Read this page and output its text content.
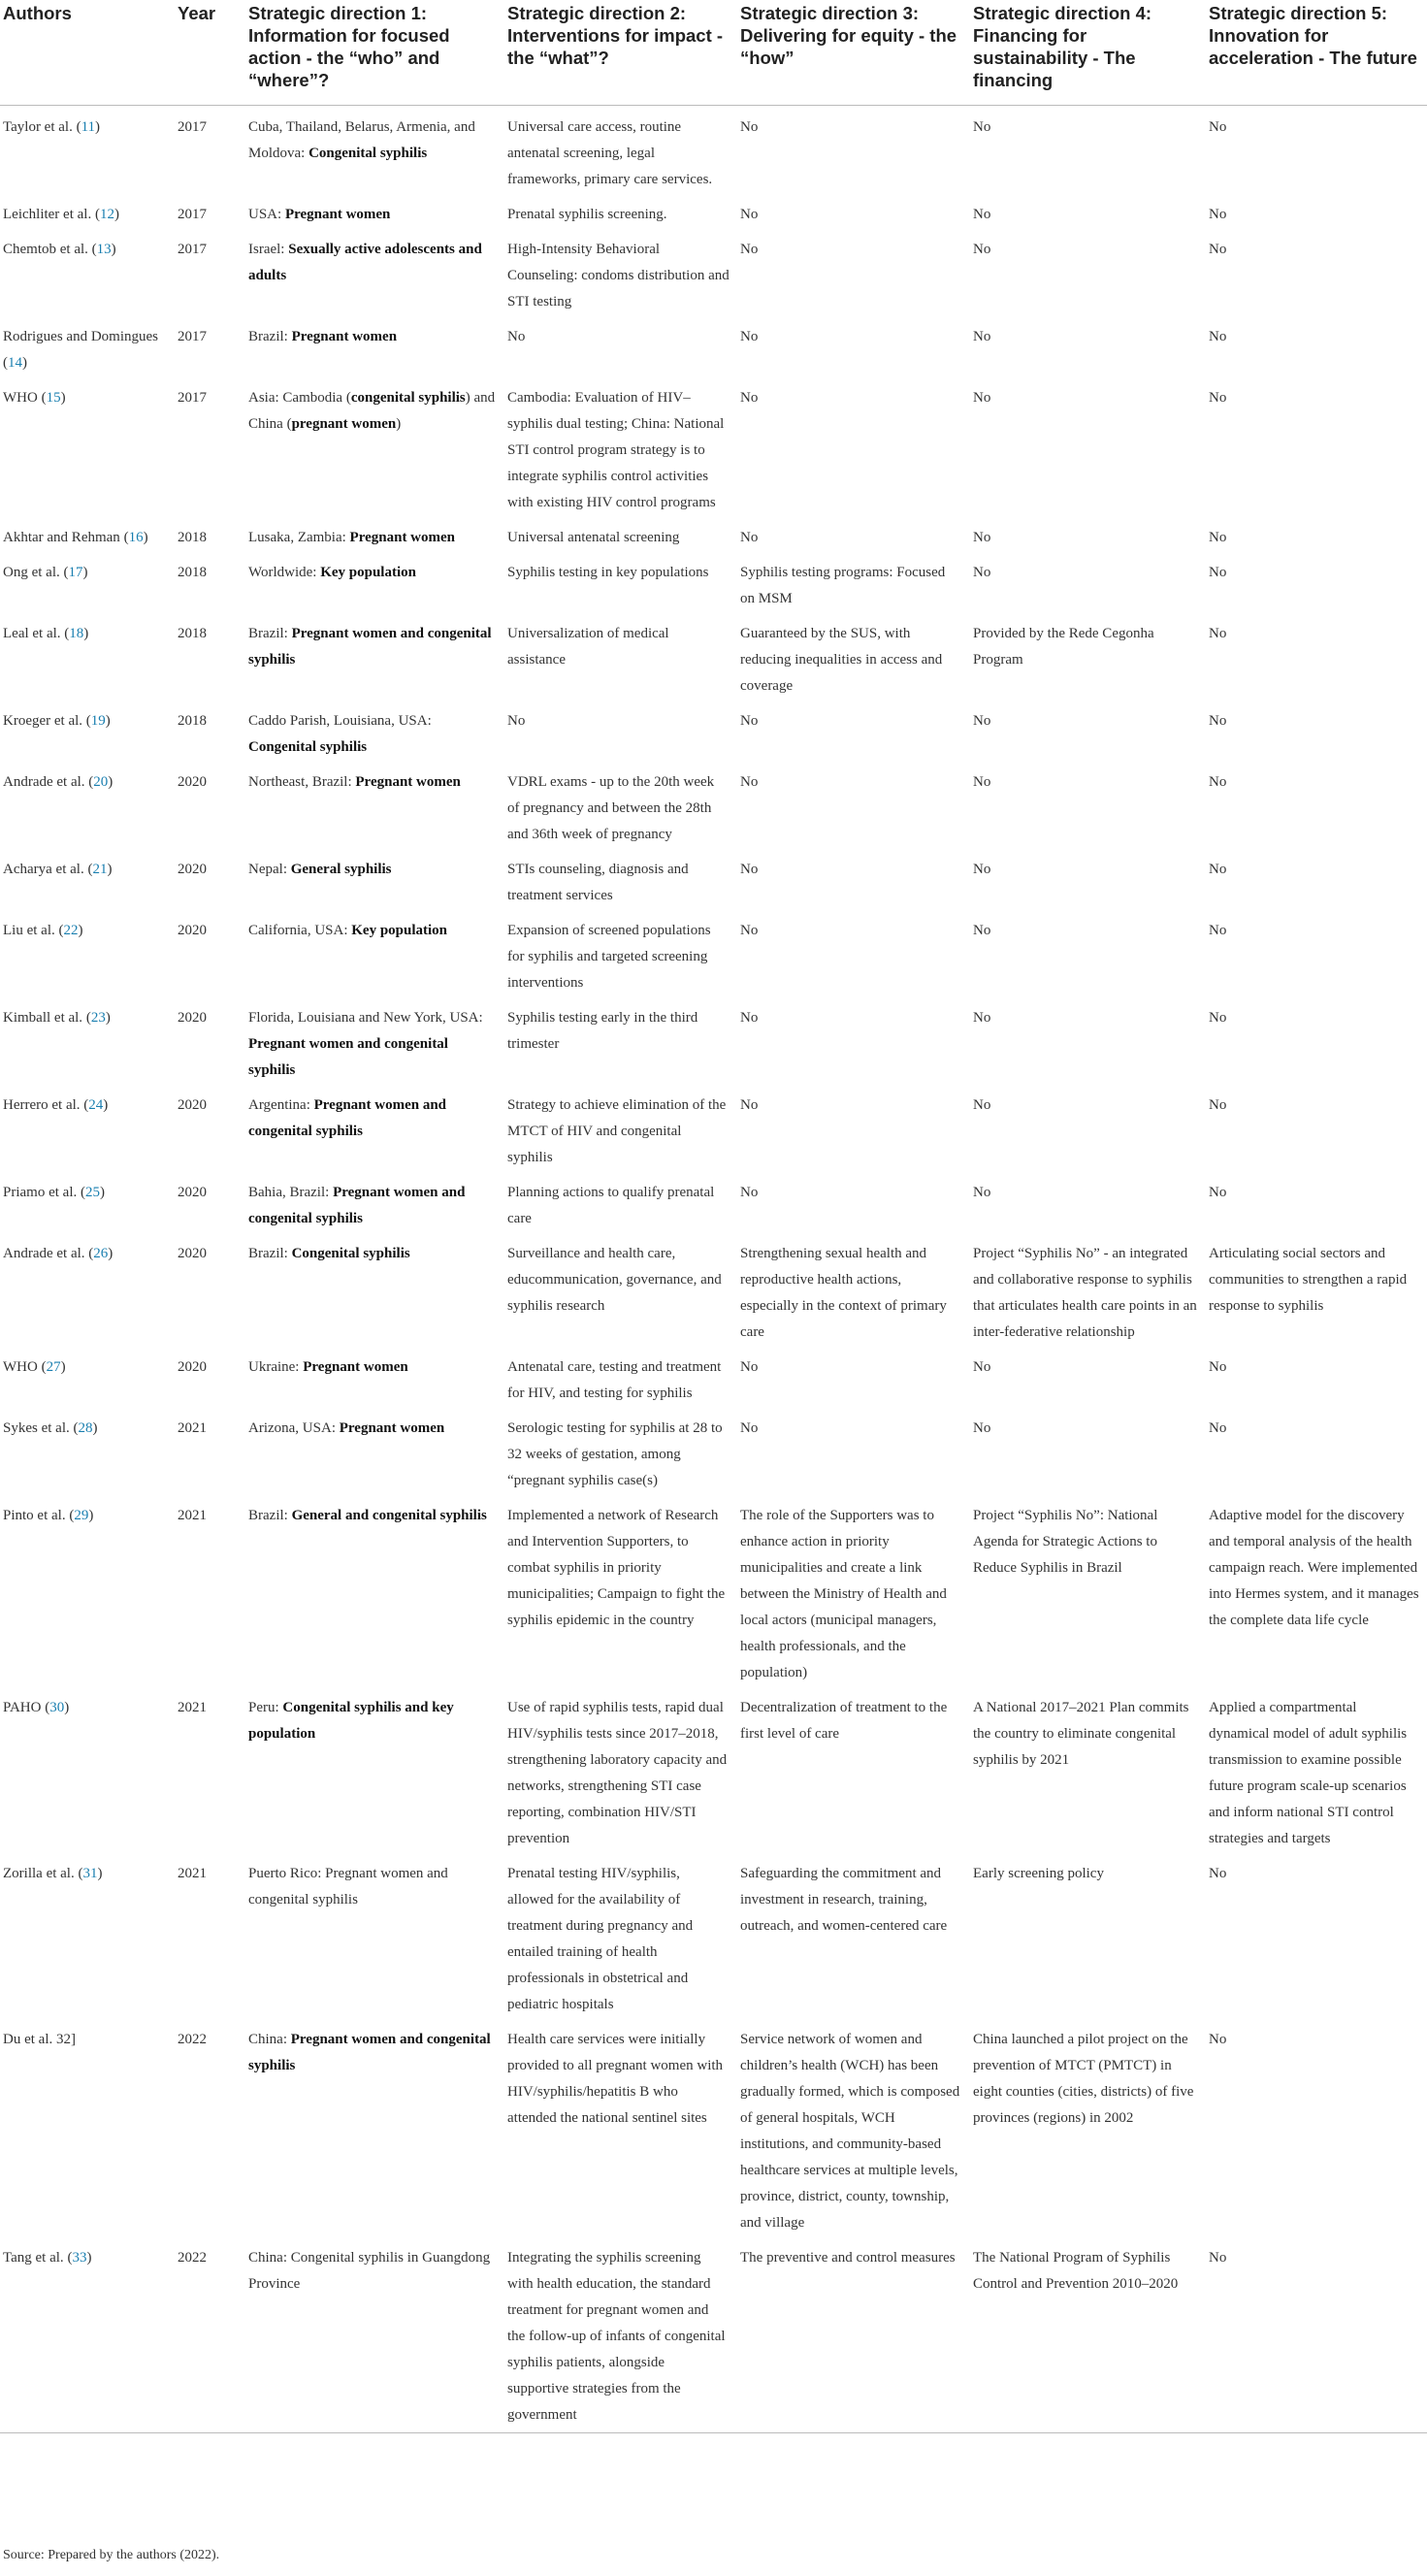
Authors	Year	Strategic direction 1: Information for focused action - the “who” and “where”?	Strategic direction 2: Interventions for impact - the “what”?	Strategic direction 3: Delivering for equity - the “how”	Strategic direction 4: Financing for sustainability - The financing	Strategic direction 5: Innovation for acceleration - The future
Taylor et al. (11)	2017	Cuba, Thailand, Belarus, Armenia, and Moldova: Congenital syphilis	Universal care access, routine antenatal screening, legal frameworks, primary care services.	No	No	No
Leichliter et al. (12)	2017	USA: Pregnant women	Prenatal syphilis screening.	No	No	No
Chemtob et al. (13)	2017	Israel: Sexually active adolescents and adults	High-Intensity Behavioral Counseling: condoms distribution and STI testing	No	No	No
Rodrigues and Domingues (14)	2017	Brazil: Pregnant women	No	No	No	No
WHO (15)	2017	Asia: Cambodia (congenital syphilis) and China (pregnant women)	Cambodia: Evaluation of HIV–syphilis dual testing; China: National STI control program strategy is to integrate syphilis control activities with existing HIV control programs	No	No	No
Akhtar and Rehman (16)	2018	Lusaka, Zambia: Pregnant women	Universal antenatal screening	No	No	No
Ong et al. (17)	2018	Worldwide: Key population	Syphilis testing in key populations	Syphilis testing programs: Focused on MSM	No	No
Leal et al. (18)	2018	Brazil: Pregnant women and congenital syphilis	Universalization of medical assistance	Guaranteed by the SUS, with reducing inequalities in access and coverage	Provided by the Rede Cegonha Program	No
Kroeger et al. (19)	2018	Caddo Parish, Louisiana, USA: Congenital syphilis	No	No	No	No
Andrade et al. (20)	2020	Northeast, Brazil: Pregnant women	VDRL exams - up to the 20th week of pregnancy and between the 28th and 36th week of pregnancy	No	No	No
Acharya et al. (21)	2020	Nepal: General syphilis	STIs counseling, diagnosis and treatment services	No	No	No
Liu et al. (22)	2020	California, USA: Key population	Expansion of screened populations for syphilis and targeted screening interventions	No	No	No
Kimball et al. (23)	2020	Florida, Louisiana and New York, USA: Pregnant women and congenital syphilis	Syphilis testing early in the third trimester	No	No	No
Herrero et al. (24)	2020	Argentina: Pregnant women and congenital syphilis	Strategy to achieve elimination of the MTCT of HIV and congenital syphilis	No	No	No
Priamo et al. (25)	2020	Bahia, Brazil: Pregnant women and congenital syphilis	Planning actions to qualify prenatal care	No	No	No
Andrade et al. (26)	2020	Brazil: Congenital syphilis	Surveillance and health care, educommunication, governance, and syphilis research	Strengthening sexual health and reproductive health actions, especially in the context of primary care	Project “Syphilis No” - an integrated and collaborative response to syphilis that articulates health care points in an inter-federative relationship	Articulating social sectors and communities to strengthen a rapid response to syphilis
WHO (27)	2020	Ukraine: Pregnant women	Antenatal care, testing and treatment for HIV, and testing for syphilis	No	No	No
Sykes et al. (28)	2021	Arizona, USA: Pregnant women	Serologic testing for syphilis at 28 to 32 weeks of gestation, among “pregnant syphilis case(s)	No	No	No
Pinto et al. (29)	2021	Brazil: General and congenital syphilis	Implemented a network of Research and Intervention Supporters, to combat syphilis in priority municipalities; Campaign to fight the syphilis epidemic in the country	The role of the Supporters was to enhance action in priority municipalities and create a link between the Ministry of Health and local actors (municipal managers, health professionals, and the population)	Project “Syphilis No”: National Agenda for Strategic Actions to Reduce Syphilis in Brazil	Adaptive model for the discovery and temporal analysis of the health campaign reach. Were implemented into Hermes system, and it manages the complete data life cycle
PAHO (30)	2021	Peru: Congenital syphilis and key population	Use of rapid syphilis tests, rapid dual HIV/syphilis tests since 2017–2018, strengthening laboratory capacity and networks, strengthening STI case reporting, combination HIV/STI prevention	Decentralization of treatment to the first level of care	A National 2017–2021 Plan commits the country to eliminate congenital syphilis by 2021	Applied a compartmental dynamical model of adult syphilis transmission to examine possible future program scale-up scenarios and inform national STI control strategies and targets
Zorilla et al. (31)	2021	Puerto Rico: Pregnant women and congenital syphilis	Prenatal testing HIV/syphilis, allowed for the availability of treatment during pregnancy and entailed training of health professionals in obstetrical and pediatric hospitals	Safeguarding the commitment and investment in research, training, outreach, and women-centered care	Early screening policy	No
Du et al. 32]	2022	China: Pregnant women and congenital syphilis	Health care services were initially provided to all pregnant women with HIV/syphilis/hepatitis B who attended the national sentinel sites	Service network of women and children’s health (WCH) has been gradually formed, which is composed of general hospitals, WCH institutions, and community-based healthcare services at multiple levels, province, district, county, township, and village	China launched a pilot project on the prevention of MTCT (PMTCT) in eight counties (cities, districts) of five provinces (regions) in 2002	No
Tang et al. (33)	2022	China: Congenital syphilis in Guangdong Province	Integrating the syphilis screening with health education, the standard treatment for pregnant women and the follow-up of infants of congenital syphilis patients, alongside supportive strategies from the government	The preventive and control measures	The National Program of Syphilis Control and Prevention 2010–2020	No
Source: Prepared by the authors (2022).
